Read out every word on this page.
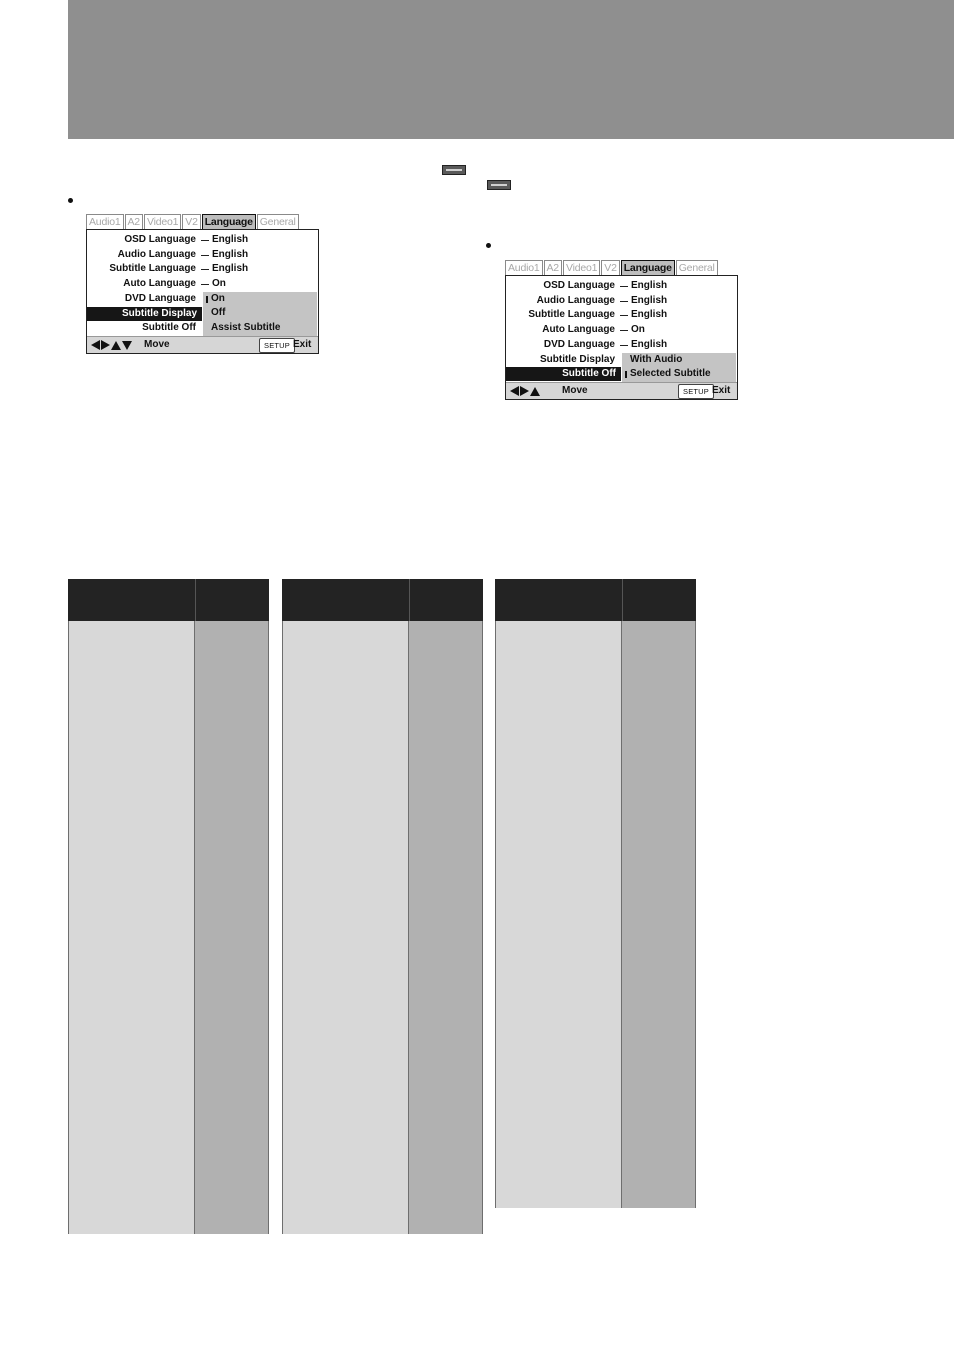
Audio1 A2 Video1 V2 Language General
On
Off
Assist Subtitle
OSD Language English
Audio Language English
Subtitle Language English
Auto Language On
DVD Language
Subtitle Display
Subtitle Off
Move	SETUP Exit
Audio1 A2 Video1 V2 Language General
With Audio
Selected Subtitle
OSD Language English
Audio Language English
Subtitle Language English
Auto Language On
DVD Language English
Subtitle Display
Subtitle Off
Move	SETUP Exit
